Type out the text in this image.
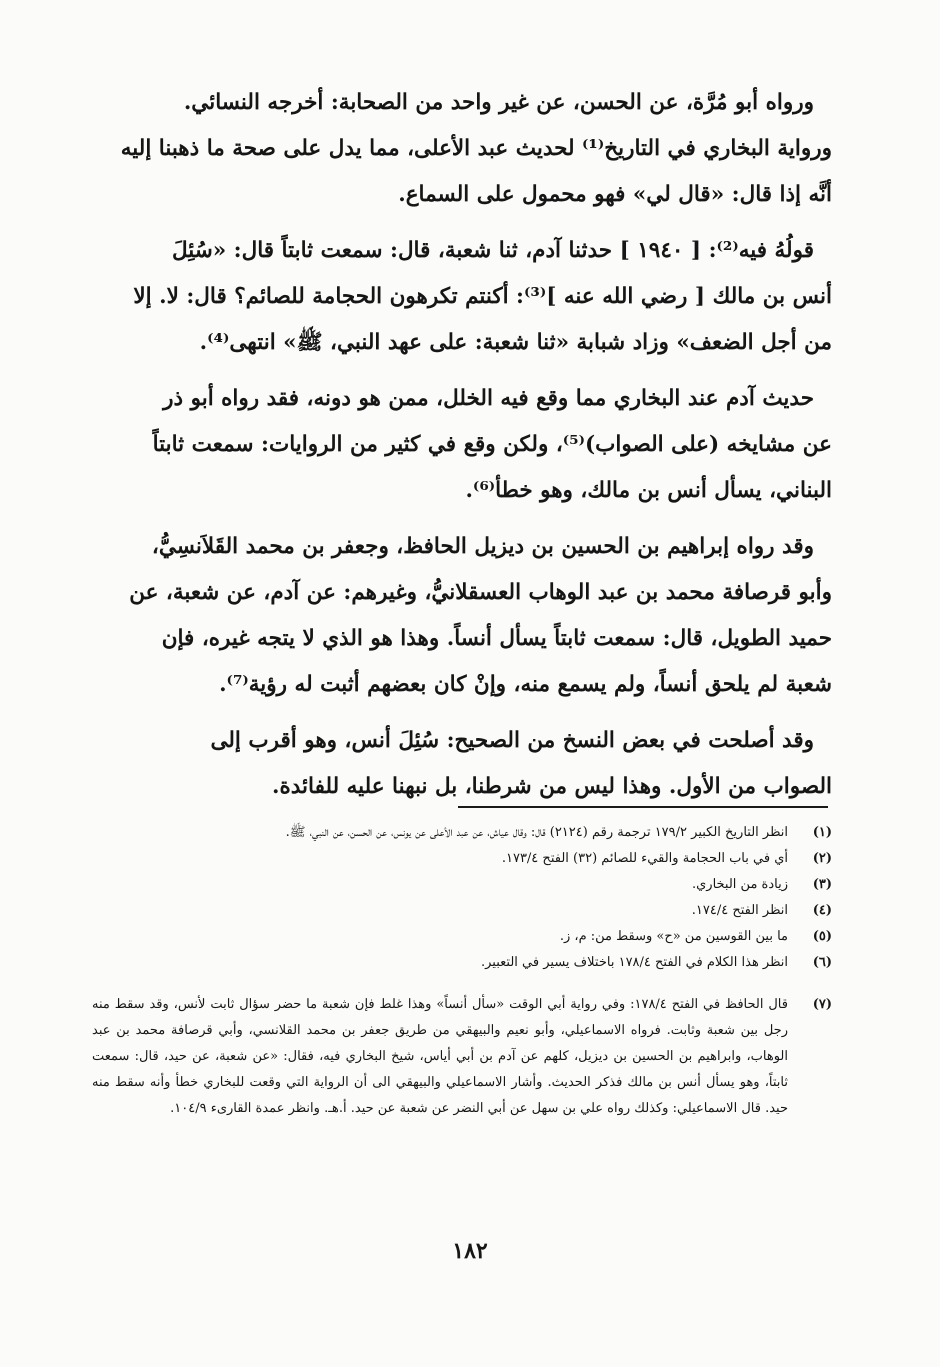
ورواه أبو مُرَّة، عن الحسن، عن غير واحد من الصحابة: أخرجه النسائي.
ورواية البخاري في التاريخ⁽¹⁾ لحديث عبد الأعلى، مما يدل على صحة ما ذهبنا إليه
أنَّه إذا قال: «قال لي» فهو محمول على السماع.
قولُهُ فيه⁽²⁾: [ ١٩٤٠ ] حدثنا آدم، ثنا شعبة، قال: سمعت ثابتاً قال: «سُئِلَ
أنس بن مالك [ رضي الله عنه ]⁽³⁾: أكنتم تكرهون الحجامة للصائم؟ قال: لا. إلا
من أجل الضعف» وزاد شبابة «ثنا شعبة: على عهد النبي، ﷺ» انتهى⁽⁴⁾.
حديث آدم عند البخاري مما وقع فيه الخلل، ممن هو دونه، فقد رواه أبو ذر
عن مشايخه (على الصواب)⁽⁵⁾، ولكن وقع في كثير من الروايات: سمعت ثابتاً
البناني، يسأل أنس بن مالك، وهو خطأ⁽⁶⁾.
وقد رواه إبراهيم بن الحسين بن ديزيل الحافظ، وجعفر بن محمد القَلاَنسِيُّ،
وأبو قرصافة محمد بن عبد الوهاب العسقلانيُّ، وغيرهم: عن آدم، عن شعبة، عن
حميد الطويل، قال: سمعت ثابتاً يسأل أنساً. وهذا هو الذي لا يتجه غيره، فإن
شعبة لم يلحق أنساً، ولم يسمع منه، وإنْ كان بعضهم أثبت له رؤية⁽⁷⁾.
وقد أصلحت في بعض النسخ من الصحيح: سُئِلَ أنس، وهو أقرب إلى
الصواب من الأول. وهذا ليس من شرطنا، بل نبهنا عليه للفائدة.
(١)
انظر التاريخ الكبير ١٧٩/٢ ترجمة رقم (٢١٢٤) قال: وقال عياش، عن عبد الأعلى عن يونس، عن الحسن، عن النبي، ﷺ.
(٢)
أي في باب الحجامة والقيء للصائم (٣٢) الفتح ١٧٣/٤.
(٣)
زيادة من البخاري.
(٤)
انظر الفتح ١٧٤/٤.
(٥)
ما بين القوسين من «ح» وسقط من: م، ز.
(٦)
انظر هذا الكلام في الفتح ١٧٨/٤ باختلاف يسير في التعبير.
(٧)
قال الحافظ في الفتح ١٧٨/٤: وفي رواية أبي الوقت «سأل أنساً» وهذا غلط فإن شعبة ما حضر سؤال ثابت لأنس، وقد سقط منه رجل بين شعبة وثابت. فرواه الاسماعيلي، وأبو نعيم والبيهقي من طريق جعفر بن محمد القلانسي، وأبي قرصافة محمد بن عبد الوهاب، وابراهيم بن الحسين بن ديزيل، كلهم عن آدم بن أبي أياس، شيخ البخاري فيه، فقال: «عن شعبة، عن حيد، قال: سمعت ثابتاً، وهو يسأل أنس بن مالك فذكر الحديث. وأشار الاسماعيلي والبيهقي الى أن الرواية التي وقعت للبخاري خطأ وأنه سقط منه حيد. قال الاسماعيلي: وكذلك رواه علي بن سهل عن أبي النضر عن شعبة عن حيد. أ.هـ. وانظر عمدة القارىء ١٠٤/٩.
١٨٢
